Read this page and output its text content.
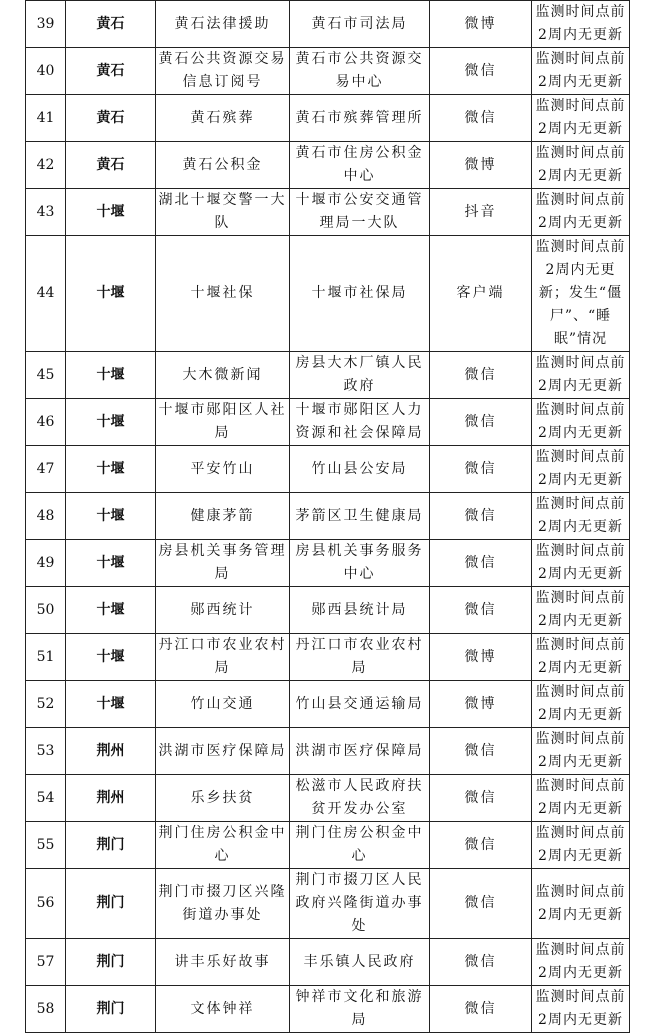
39	黄石	黄石法律援助	黄石市司法局	微博	监测时间点前2周内无更新
40	黄石	黄石公共资源交易信息订阅号	黄石市公共资源交易中心	微信	监测时间点前2周内无更新
41	黄石	黄石殡葬	黄石市殡葬管理所	微信	监测时间点前2周内无更新
42	黄石	黄石公积金	黄石市住房公积金中心	微博	监测时间点前2周内无更新
43	十堰	湖北十堰交警一大队	十堰市公安交通管理局一大队	抖音	监测时间点前2周内无更新
44	十堰	十堰社保	十堰市社保局	客户端	监测时间点前2周内无更新；发生“僵尸”、“睡眠”情况
45	十堰	大木微新闻	房县大木厂镇人民政府	微信	监测时间点前2周内无更新
46	十堰	十堰市郧阳区人社局	十堰市郧阳区人力资源和社会保障局	微信	监测时间点前2周内无更新
47	十堰	平安竹山	竹山县公安局	微信	监测时间点前2周内无更新
48	十堰	健康茅箭	茅箭区卫生健康局	微信	监测时间点前2周内无更新
49	十堰	房县机关事务管理局	房县机关事务服务中心	微信	监测时间点前2周内无更新
50	十堰	郧西统计	郧西县统计局	微信	监测时间点前2周内无更新
51	十堰	丹江口市农业农村局	丹江口市农业农村局	微博	监测时间点前2周内无更新
52	十堰	竹山交通	竹山县交通运输局	微博	监测时间点前2周内无更新
53	荆州	洪湖市医疗保障局	洪湖市医疗保障局	微信	监测时间点前2周内无更新
54	荆州	乐乡扶贫	松滋市人民政府扶贫开发办公室	微信	监测时间点前2周内无更新
55	荆门	荆门住房公积金中心	荆门住房公积金中心	微信	监测时间点前2周内无更新
56	荆门	荆门市掇刀区兴隆街道办事处	荆门市掇刀区人民政府兴隆街道办事处	微信	监测时间点前2周内无更新
57	荆门	讲丰乐好故事	丰乐镇人民政府	微信	监测时间点前2周内无更新
58	荆门	文体钟祥	钟祥市文化和旅游局	微信	监测时间点前2周内无更新
